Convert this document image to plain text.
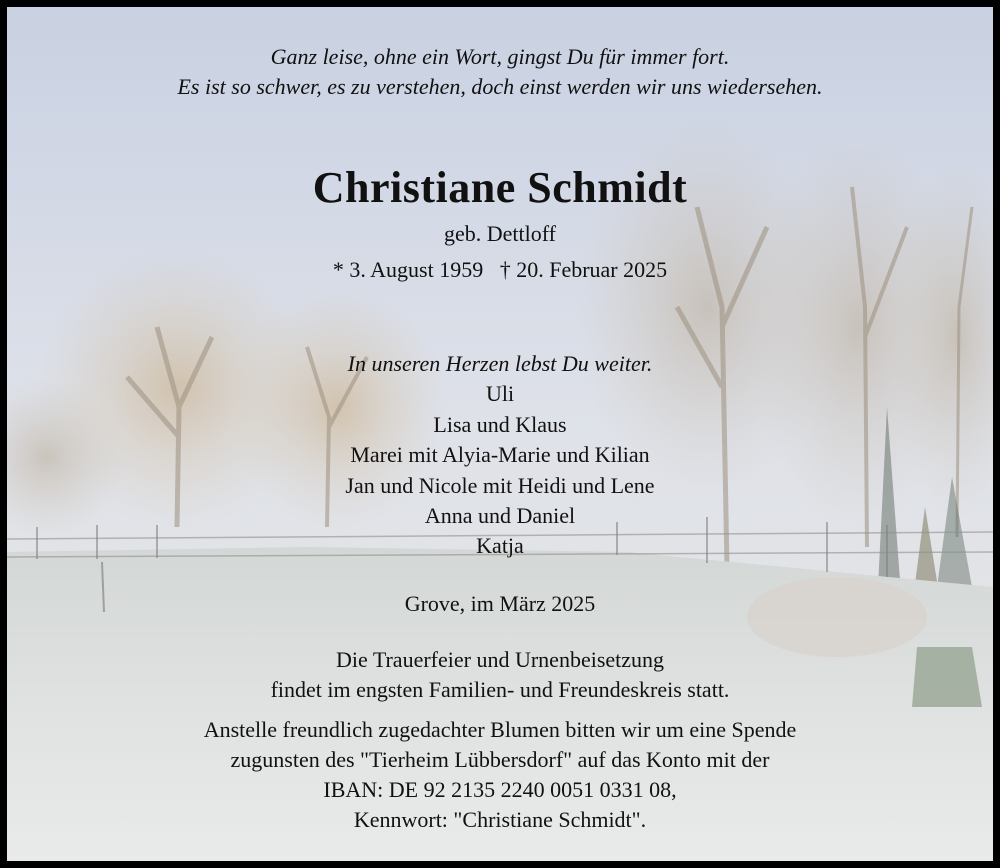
Ganz leise, ohne ein Wort, gingst Du für immer fort.
Es ist so schwer, es zu verstehen, doch einst werden wir uns wiedersehen.
Christiane Schmidt
geb. Dettloff
* 3. August 1959   † 20. Februar 2025
In unseren Herzen lebst Du weiter.
Uli
Lisa und Klaus
Marei mit Alyia-Marie und Kilian
Jan und Nicole mit Heidi und Lene
Anna und Daniel
Katja
Grove, im März 2025
Die Trauerfeier und Urnenbeisetzung
findet im engsten Familien- und Freundeskreis statt.
Anstelle freundlich zugedachter Blumen bitten wir um eine Spende
zugunsten des "Tierheim Lübbersdorf" auf das Konto mit der
IBAN: DE 92 2135 2240 0051 0331 08,
Kennwort: "Christiane Schmidt".
